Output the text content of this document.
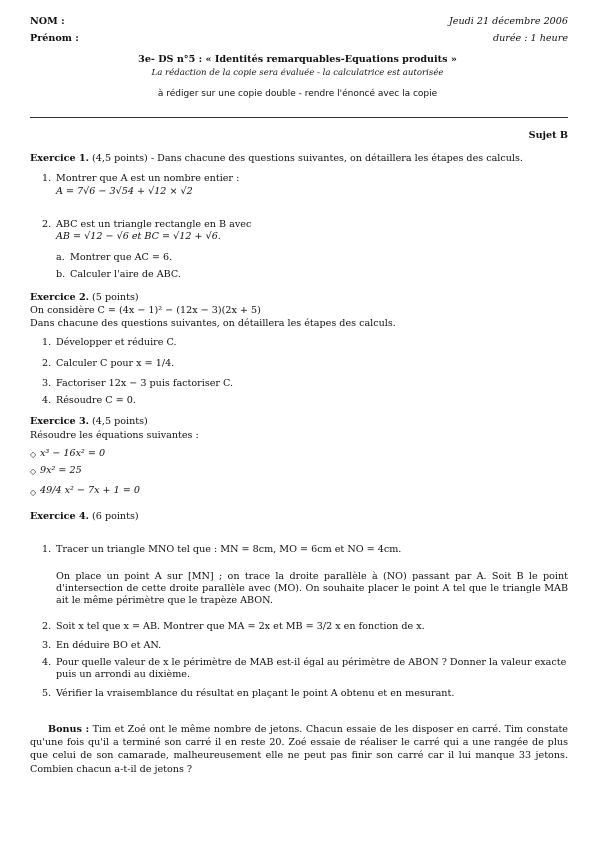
NOM :
Prénom :
Jeudi 21 décembre 2006
durée : 1 heure
3e- DS n°5 : « Identités remarquables-Equations produits »
La rédaction de la copie sera évaluée - la calculatrice est autorisée
à rédiger sur une copie double - rendre l'énoncé avec la copie
Sujet B
Exercice 1. (4,5 points) - Dans chacune des questions suivantes, on détaillera les étapes des calculs.
1. Montrer que A est un nombre entier :
A = 7√6 − 3√54 + √12 × √2
2. ABC est un triangle rectangle en B avec
AB = √12 − √6 et BC = √12 + √6.
a. Montrer que AC = 6.
b. Calculer l'aire de ABC.
Exercice 2. (5 points)
On considère C = (4x − 1)² − (12x − 3)(2x + 5)
Dans chacune des questions suivantes, on détaillera les étapes des calculs.
1. Développer et réduire C.
2. Calculer C pour x = 1/4.
3. Factoriser 12x − 3 puis factoriser C.
4. Résoudre C = 0.
Exercice 3. (4,5 points)
Résoudre les équations suivantes :
◇ x³ − 16x² = 0
◇ 9x² = 25
◇ 49/4 x² − 7x + 1 = 0
Exercice 4. (6 points)
1. Tracer un triangle MNO tel que : MN = 8cm, MO = 6cm et NO = 4cm.
On place un point A sur [MN] ; on trace la droite parallèle à (NO) passant par A. Soit B le point d'intersection de cette droite parallèle avec (MO). On souhaite placer le point A tel que le triangle MAB ait le même périmètre que le trapèze ABON.
2. Soit x tel que x = AB. Montrer que MA = 2x et MB = 3/2 x en fonction de x.
3. En déduire BO et AN.
4. Pour quelle valeur de x le périmètre de MAB est-il égal au périmètre de ABON ? Donner la valeur exacte puis un arrondi au dixième.
5. Vérifier la vraisemblance du résultat en plaçant le point A obtenu et en mesurant.
Bonus : Tim et Zoé ont le même nombre de jetons. Chacun essaie de les disposer en carré. Tim constate qu'une fois qu'il a terminé son carré il en reste 20. Zoé essaie de réaliser le carré qui a une rangée de plus que celui de son camarade, malheureusement elle ne peut pas finir son carré car il lui manque 33 jetons. Combien chacun a-t-il de jetons ?
